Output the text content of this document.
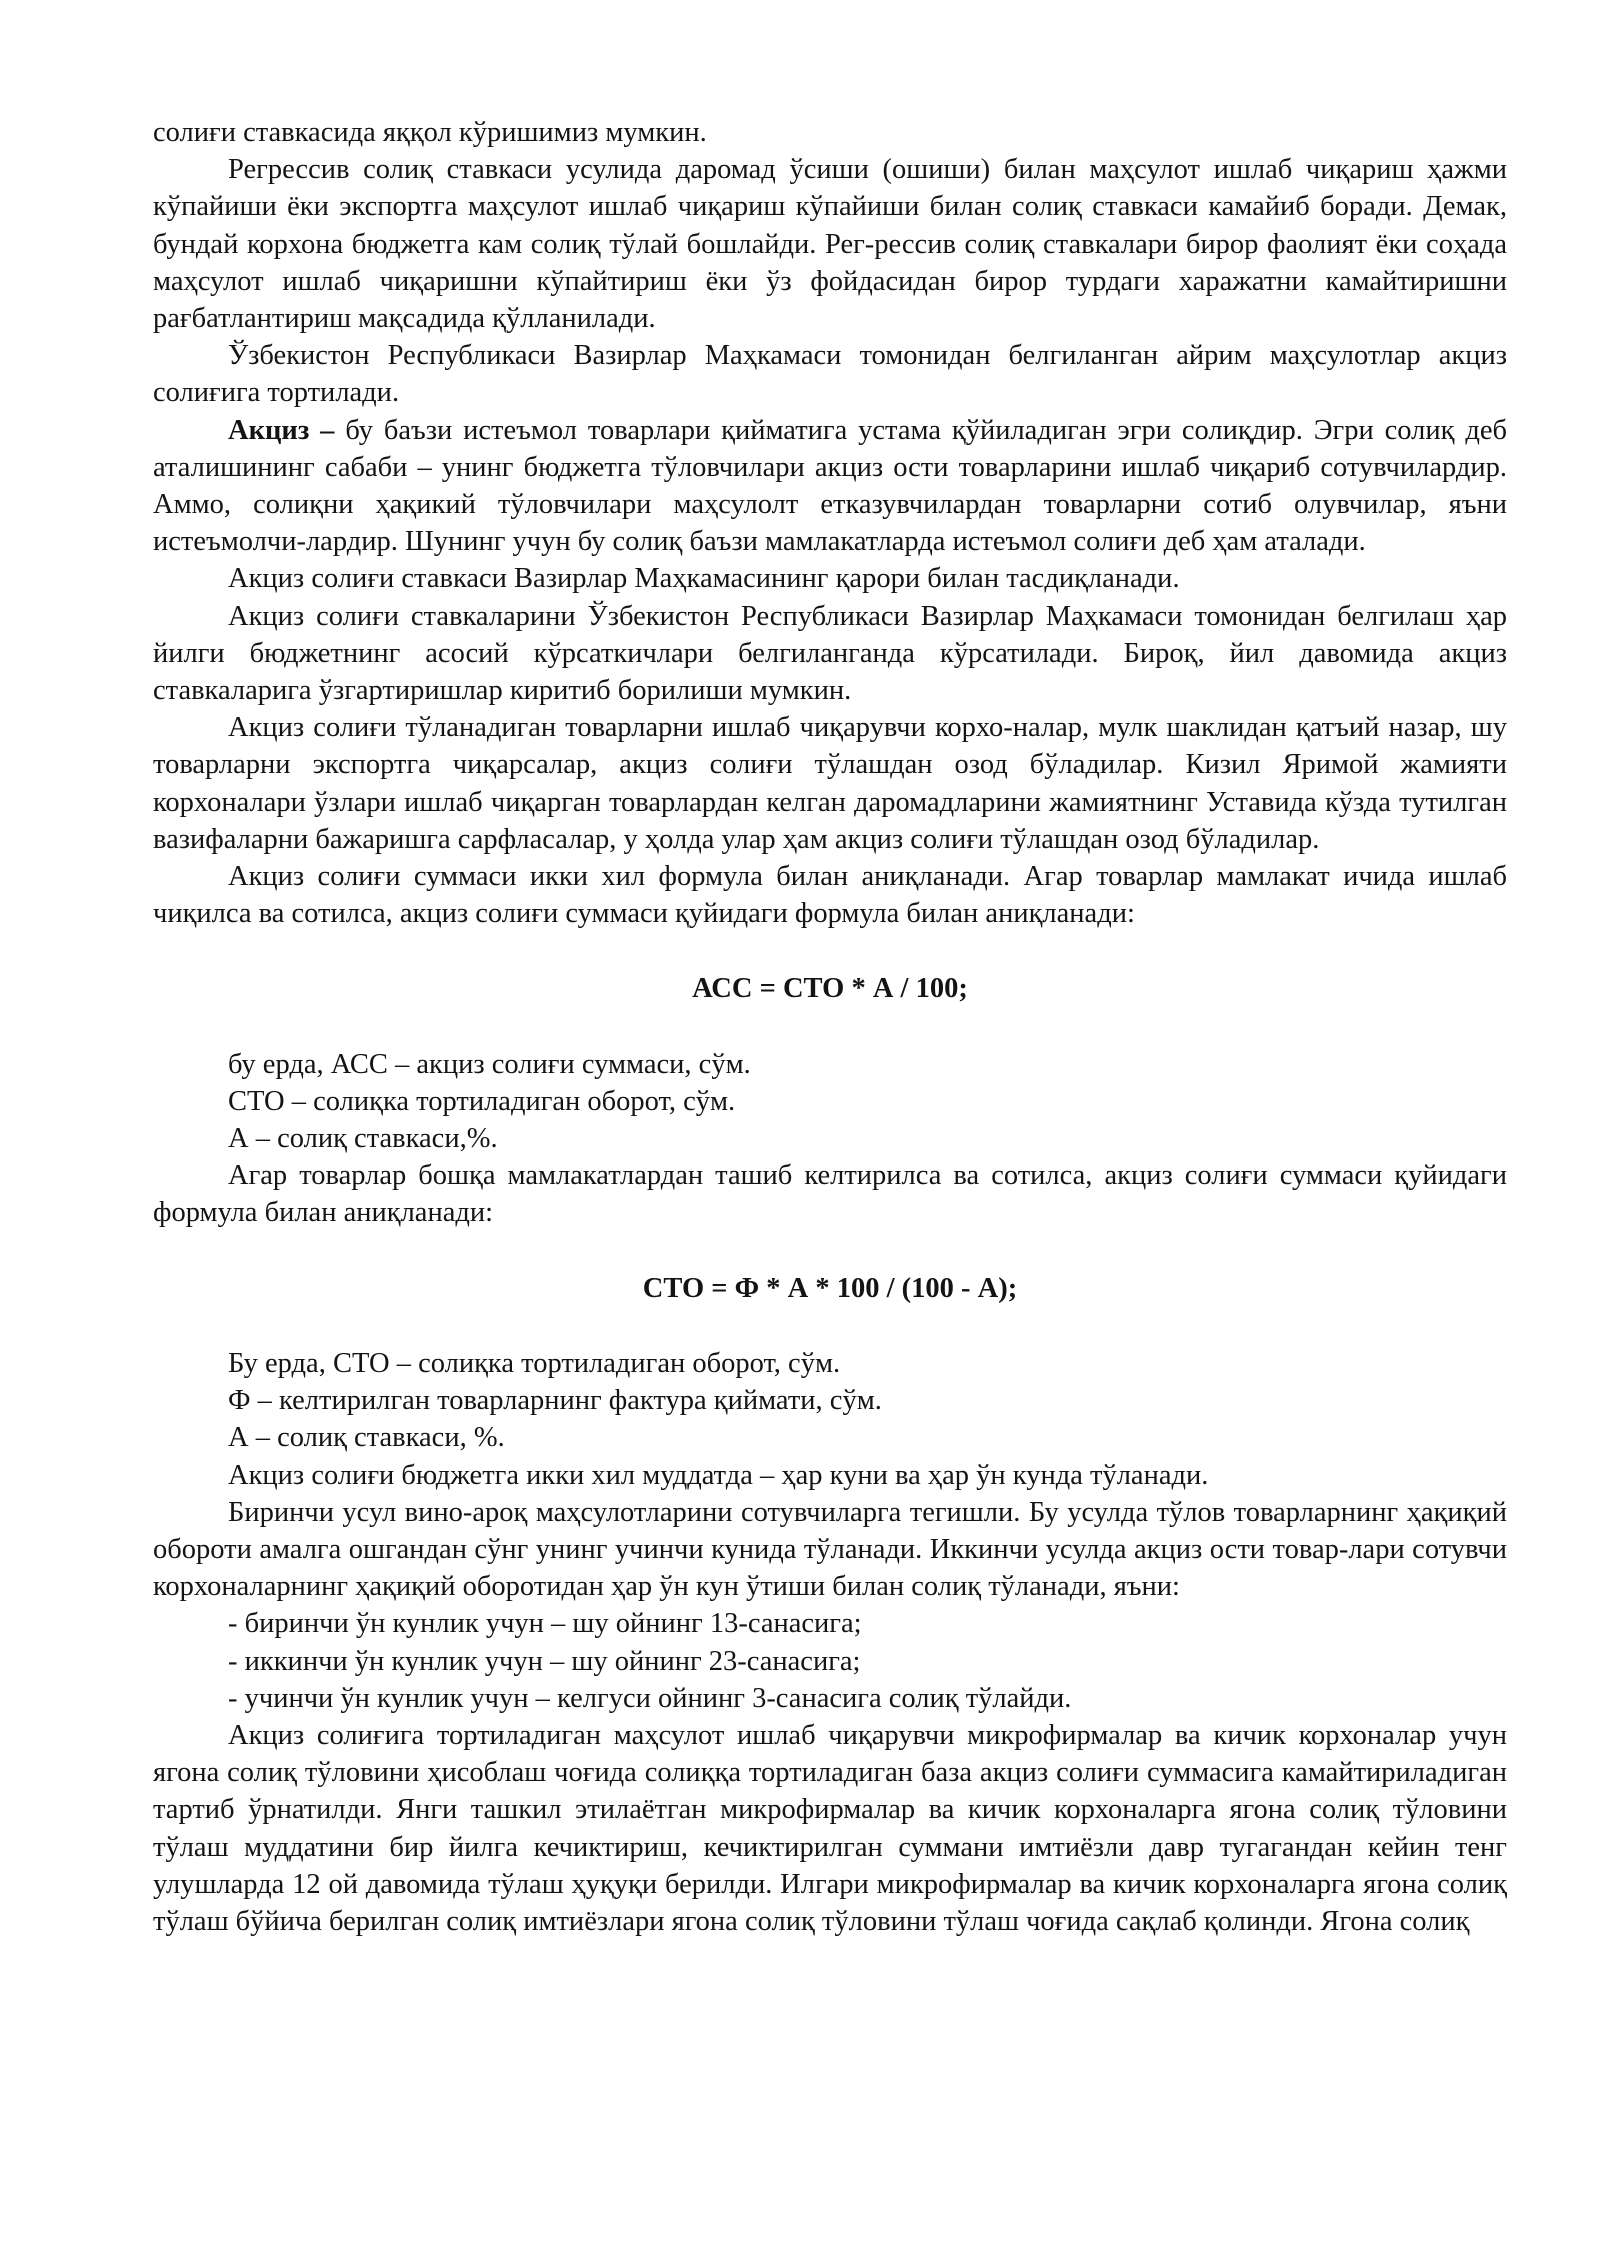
солиғи ставкасида яққол кўришимиз мумкин.

Регрессив солиқ ставкаси усулида даромад ўсиши (ошиши) билан маҳсулот ишлаб чиқариш ҳажми кўпайиши ёки экспортга маҳсулот ишлаб чиқариш кўпайиши билан солиқ ставкаси камайиб боради. Демак, бундай корхона бюджетга кам солиқ тўлай бошлайди. Рег-рессив солиқ ставкалари бирор фаолият ёки соҳада маҳсулот ишлаб чиқаришни кўпайтириш ёки ўз фойдасидан бирор турдаги харажатни камайтиришни рағбатлантириш мақсадида қўлланилади.

Ўзбекистон Республикаси Вазирлар Маҳкамаси томонидан белгиланган айрим маҳсулотлар акциз солиғига тортилади.

Акциз – бу баъзи истеъмол товарлари қийматига устама қўйиладиган эгри солиқдир. Эгри солиқ деб аталишининг сабаби – унинг бюджетга тўловчилари акциз ости товарларини ишлаб чиқариб сотувчилардир. Аммо, солиқни ҳақикий тўловчилари маҳсулолт етказувчилардан товарларни сотиб олувчилар, яъни истеъмолчи-лардир. Шунинг учун бу солиқ баъзи мамлакатларда истеъмол солиғи деб ҳам аталади.

Акциз солиғи ставкаси Вазирлар Маҳкамасининг қарори билан тасдиқланади.

Акциз солиғи ставкаларини Ўзбекистон Республикаси Вазирлар Маҳкамаси томонидан белгилаш ҳар йилги бюджетнинг асосий кўрсаткичлари белгиланганда кўрсатилади. Бироқ, йил давомида акциз ставкаларига ўзгартиришлар киритиб борилиши мумкин.

Акциз солиғи тўланадиган товарларни ишлаб чиқарувчи корхо-налар, мулк шаклидан қатъий назар, шу товарларни экспортга чиқарсалар, акциз солиғи тўлашдан озод бўладилар. Кизил Яримой жамияти корхоналари ўзлари ишлаб чиқарган товарлардан келган даромадларини жамиятнинг Уставида кўзда тутилган вазифаларни бажаришга сарфласалар, у ҳолда улар ҳам акциз солиғи тўлашдан озод бўладилар.

Акциз солиғи суммаси икки хил формула билан аниқланади. Агар товарлар мамлакат ичида ишлаб чиқилса ва сотилса, акциз солиғи суммаси қуйидаги формула билан аниқланади:

АСС = СТО * А / 100;

бу ерда, АСС – акциз солиғи суммаси, сўм.

СТО – солиқка тортиладиган оборот, сўм.

А – солиқ ставкаси,%.

Агар товарлар бошқа мамлакатлардан ташиб келтирилса ва сотилса, акциз солиғи суммаси қуйидаги формула билан аниқланади:

СТО = Ф * А * 100 / (100 - А);

Бу ерда, СТО – солиқка тортиладиган оборот, сўм.

Ф – келтирилган товарларнинг фактура қиймати, сўм.

А – солиқ ставкаси, %.

Акциз солиғи бюджетга икки хил муддатда – ҳар куни ва ҳар ўн кунда тўланади.

Биринчи усул вино-ароқ маҳсулотларини сотувчиларга тегишли. Бу усулда тўлов товарларнинг ҳақиқий обороти амалга ошгандан сўнг унинг учинчи кунида тўланади. Иккинчи усулда акциз ости товар-лари сотувчи корхоналарнинг ҳақиқий оборотидан ҳар ўн кун ўтиши билан солиқ тўланади, яъни:

- биринчи ўн кунлик учун – шу ойнинг 13-санасига;

- иккинчи ўн кунлик учун – шу ойнинг 23-санасига;

- учинчи ўн кунлик учун – келгуси ойнинг 3-санасига солиқ тўлайди.

Акциз солиғига тортиладиган маҳсулот ишлаб чиқарувчи микрофирмалар ва кичик корхоналар учун ягона солиқ тўловини ҳисоблаш чоғида солиққа тортиладиган база акциз солиғи суммасига камайтириладиган тартиб ўрнатилди. Янги ташкил этилаётган микрофирмалар ва кичик корхоналарга ягона солиқ тўловини тўлаш муддатини бир йилга кечиктириш, кечиктирилган суммани имтиёзли давр тугагандан кейин тенг улушларда 12 ой давомида тўлаш ҳуқуқи берилди. Илгари микрофирмалар ва кичик корхоналарга ягона солиқ тўлаш бўйича берилган солиқ имтиёзлари ягона солиқ тўловини тўлаш чоғида сақлаб қолинди. Ягона солиқ
